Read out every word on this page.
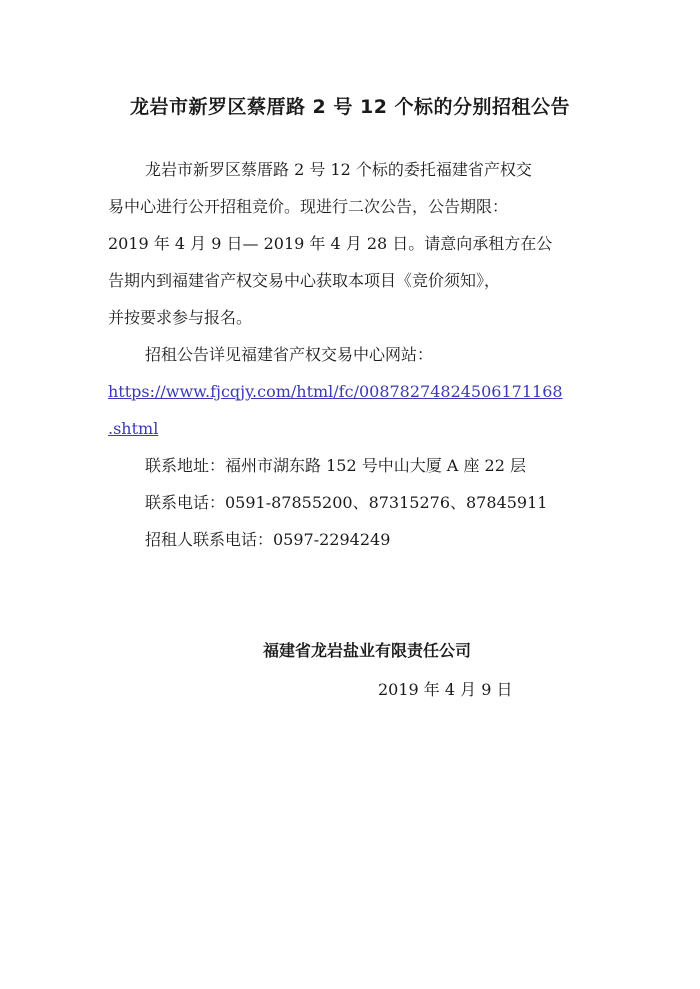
龙岩市新罗区蔡厝路 2 号 12 个标的分别招租公告
龙岩市新罗区蔡厝路 2 号 12 个标的委托福建省产权交
易中心进行公开招租竞价。现进行二次公告，公告期限：
2019 年 4 月 9 日— 2019 年 4 月 28 日。请意向承租方在公
告期内到福建省产权交易中心获取本项目《竞价须知》，
并按要求参与报名。
招租公告详见福建省产权交易中心网站：
https://www.fjcqjy.com/html/fc/00878274824506171168
.shtml
联系地址：福州市湖东路 152 号中山大厦 A 座 22 层
联系电话：0591-87855200、87315276、87845911
招租人联系电话：0597-2294249
福建省龙岩盐业有限责任公司
2019 年 4 月 9 日
